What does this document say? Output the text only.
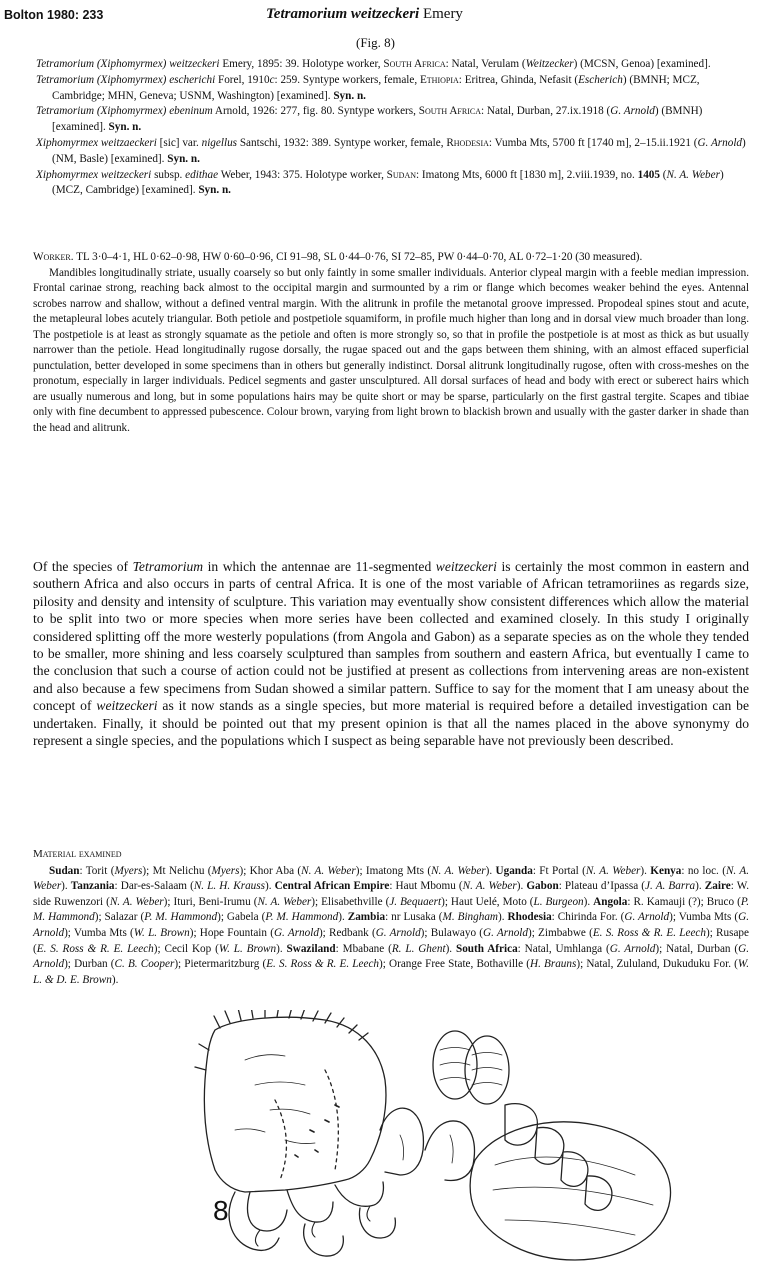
Bolton 1980: 233	Tetramorium weitzeckeri Emery
(Fig. 8)

Tetramorium (Xiphomyrmex) weitzeckeri Emery, 1895: 39. Holotype worker, South Africa: Natal, Verulam (Weitzecker) (MCSN, Genoa) [examined].

Tetramorium (Xiphomyrmex) escherichi Forel, 1910c: 259. Syntype workers, female, Ethiopia: Eritrea, Ghinda, Nefasit (Escherich) (BMNH; MCZ, Cambridge; MHN, Geneva; USNM, Washington) [examined]. Syn. n.

Tetramorium (Xiphomyrmex) ebeninum Arnold, 1926: 277, fig. 80. Syntype workers, South Africa: Natal, Durban, 27.ix.1918 (G. Arnold) (BMNH) [examined]. Syn. n.

Xiphomyrmex weitzaeckeri [sic] var. nigellus Santschi, 1932: 389. Syntype worker, female, Rhodesia: Vumba Mts, 5700 ft [1740 m], 2–15.ii.1921 (G. Arnold) (NM, Basle) [examined]. Syn. n.

Xiphomyrmex weitzeckeri subsp. edithae Weber, 1943: 375. Holotype worker, Sudan: Imatong Mts, 6000 ft [1830 m], 2.viii.1939, no. 1405 (N. A. Weber) (MCZ, Cambridge) [examined]. Syn. n.

Worker. TL 3·0–4·1, HL 0·62–0·98, HW 0·60–0·96, CI 91–98, SL 0·44–0·76, SI 72–85, PW 0·44–0·70, AL 0·72–1·20 (30 measured).

Mandibles longitudinally striate, usually coarsely so but only faintly in some smaller individuals. Anterior clypeal margin with a feeble median impression. Frontal carinae strong, reaching back almost to the occipital margin and surmounted by a rim or flange which becomes weaker behind the eyes. Antennal scrobes narrow and shallow, without a defined ventral margin. With the alitrunk in profile the metanotal groove impressed. Propodeal spines stout and acute, the metapleural lobes acutely triangular. Both petiole and postpetiole squamiform, in profile much higher than long and in dorsal view much broader than long. The postpetiole is at least as strongly squamate as the petiole and often is more strongly so, so that in profile the postpetiole is at most as thick as but usually narrower than the petiole. Head longitudinally rugose dorsally, the rugae spaced out and the gaps between them shining, with an almost effaced superficial punctulation, better developed in some specimens than in others but generally indistinct. Dorsal alitrunk longitudinally rugose, often with cross-meshes on the pronotum, especially in larger individuals. Pedicel segments and gaster unsculptured. All dorsal surfaces of head and body with erect or suberect hairs which are usually numerous and long, but in some populations hairs may be quite short or may be sparse, particularly on the first gastral tergite. Scapes and tibiae only with fine decumbent to appressed pubescence. Colour brown, varying from light brown to blackish brown and usually with the gaster darker in shade than the head and alitrunk.

Of the species of Tetramorium in which the antennae are 11-segmented weitzeckeri is certainly the most common in eastern and southern Africa and also occurs in parts of central Africa. It is one of the most variable of African tetramoriines as regards size, pilosity and density and intensity of sculpture. This variation may eventually show consistent differences which allow the material to be split into two or more species when more series have been collected and examined closely. In this study I originally considered splitting off the more westerly populations (from Angola and Gabon) as a separate species as on the whole they tended to be smaller, more shining and less coarsely sculptured than samples from southern and eastern Africa, but eventually I came to the conclusion that such a course of action could not be justified at present as collections from intervening areas are non-existent and also because a few specimens from Sudan showed a similar pattern. Suffice to say for the moment that I am uneasy about the concept of weitzeckeri as it now stands as a single species, but more material is required before a detailed investigation can be undertaken. Finally, it should be pointed out that my present opinion is that all the names placed in the above synonymy do represent a single species, and the populations which I suspect as being separable have not previously been described.

Material examined

Sudan: Torit (Myers); Mt Nelichu (Myers); Khor Aba (N. A. Weber); Imatong Mts (N. A. Weber). Uganda: Ft Portal (N. A. Weber). Kenya: no loc. (N. A. Weber). Tanzania: Dar-es-Salaam (N. L. H. Krauss). Central African Empire: Haut Mbomu (N. A. Weber). Gabon: Plateau d’Ipassa (J. A. Barra). Zaire: W. side Ruwenzori (N. A. Weber); Ituri, Beni-Irumu (N. A. Weber); Elisabethville (J. Bequaert); Haut Uelé, Moto (L. Burgeon). Angola: R. Kamauji (?); Bruco (P. M. Hammond); Salazar (P. M. Hammond); Gabela (P. M. Hammond). Zambia: nr Lusaka (M. Bingham). Rhodesia: Chirinda For. (G. Arnold); Vumba Mts (G. Arnold); Vumba Mts (W. L. Brown); Hope Fountain (G. Arnold); Redbank (G. Arnold); Bulawayo (G. Arnold); Zimbabwe (E. S. Ross & R. E. Leech); Rusape (E. S. Ross & R. E. Leech); Cecil Kop (W. L. Brown). Swaziland: Mbabane (R. L. Ghent). South Africa: Natal, Umhlanga (G. Arnold); Natal, Durban (G. Arnold); Durban (C. B. Cooper); Pietermaritzburg (E. S. Ross & R. E. Leech); Orange Free State, Bothaville (H. Brauns); Natal, Zululand, Dukuduku For. (W. L. & D. E. Brown).

8
